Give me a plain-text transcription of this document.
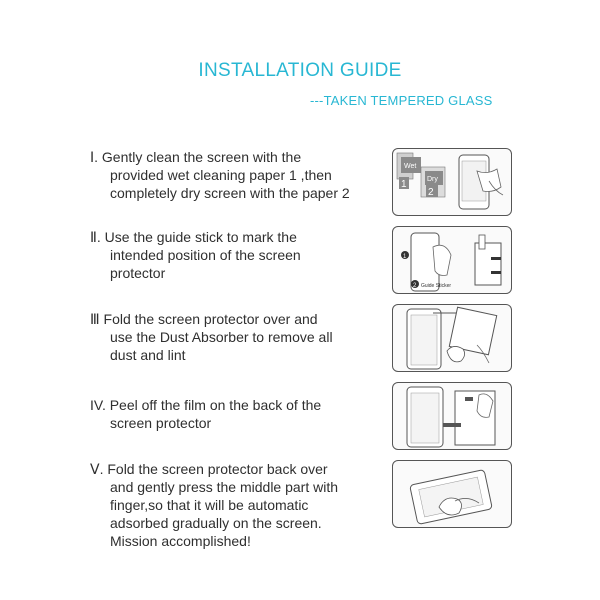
INSTALLATION GUIDE
---TAKEN TEMPERED GLASS
Ⅰ. Gently clean the screen with the
provided wet cleaning paper 1 ,then
completely dry screen with the paper 2
Wet
1	Dry
2
Ⅱ. Use the guide stick to mark the
intended position of the screen
protector
1
2 Guide Sticker
Ⅲ Fold the screen protector over and
use the Dust Absorber to remove all
dust and lint
IV. Peel off the film on the back of the
screen protector
Ⅴ. Fold the screen protector back over
and gently press the middle part with
finger,so that it will be automatic
adsorbed gradually on the screen.
Mission accomplished!
